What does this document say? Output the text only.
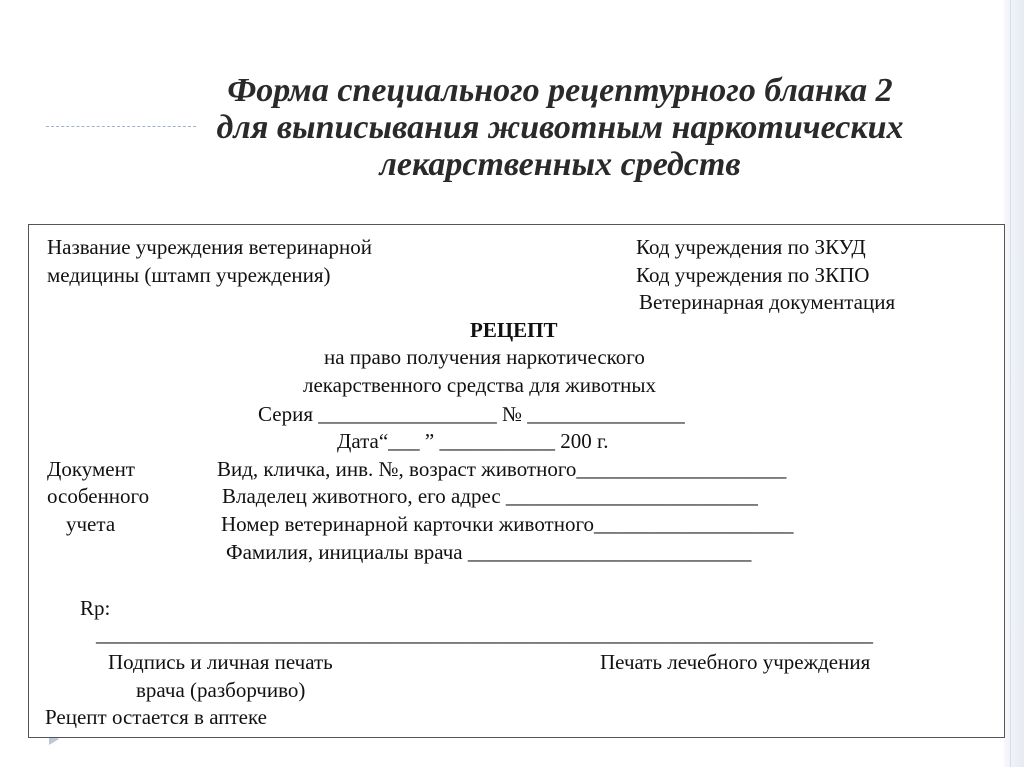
Форма специального рецептурного бланка 2
для выписывания животным наркотических
лекарственных средств
Название учреждения ветеринарной
медицины (штамп учреждения)
Код учреждения по ЗКУД
Код учреждения по ЗКПО
Ветеринарная документация
РЕЦЕПТ
на право получения наркотического
лекарственного средства для животных
Серия _________________ № _______________
Дата“___ ” ___________ 200 г.
Документ
особенного
учета
Вид, кличка, инв. №, возраст животного____________________
Владелец животного, его адрес ________________________
Номер ветеринарной карточки животного___________________
Фамилия, инициалы врача ___________________________
Rp:
__________________________________________________________________________
Подпись и личная печать
врача (разборчиво)
Печать лечебного учреждения
Рецепт остается в аптеке
